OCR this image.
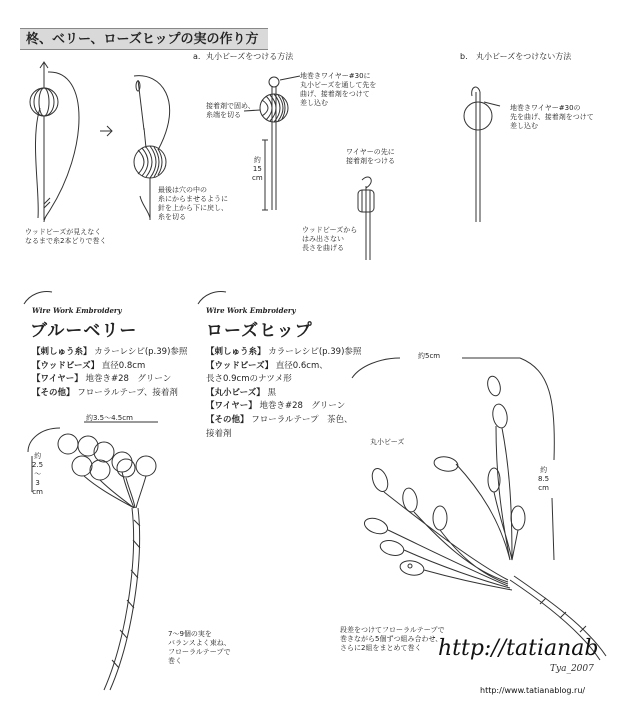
柊、ベリー、ローズヒップの実の作り方
a. 丸小ビーズをつける方法	b. 丸小ビーズをつけない方法
ウッドビーズが見えなく
なるまで糸2本どりで巻く
最後は穴の中の
糸にからませるように
針を上から下に戻し、
糸を切る
接着剤で固め、
糸端を切る
地巻きワイヤー#30に
丸小ビーズを通して先を
曲げ、接着剤をつけて
差し込む
約
15
cm
ワイヤーの先に
接着剤をつける
ウッドビーズから
はみ出さない
長さを曲げる
地巻きワイヤー#30の
先を曲げ、接着剤をつけて
差し込む
Wire Work Embroidery
ブルーベリー
【刺しゅう糸】 カラーレシピ(p.39)参照
【ウッドビーズ】 直径0.8cm
【ワイヤー】 地巻き#28　グリーン
【その他】 フローラルテープ、接着剤
約3.5〜4.5cm
約
2.5
〜
3
cm
7〜9個の実を
バランスよく束ね、
フローラルテープで
巻く
Wire Work Embroidery
ローズヒップ
【刺しゅう糸】 カラーレシピ(p.39)参照
【ウッドビーズ】 直径0.6cm、
長さ0.9cmのナツメ形
【丸小ビーズ】 黒
【ワイヤー】 地巻き#28　グリーン
【その他】 フローラルテープ　茶色、
接着剤
約5cm
約
8.5
cm
丸小ビーズ
段差をつけてフローラルテープで
巻きながら5個ずつ組み合わせ、
さらに2組をまとめて巻く http://tatianab
Tya_2007
http://www.tatianablog.ru/
